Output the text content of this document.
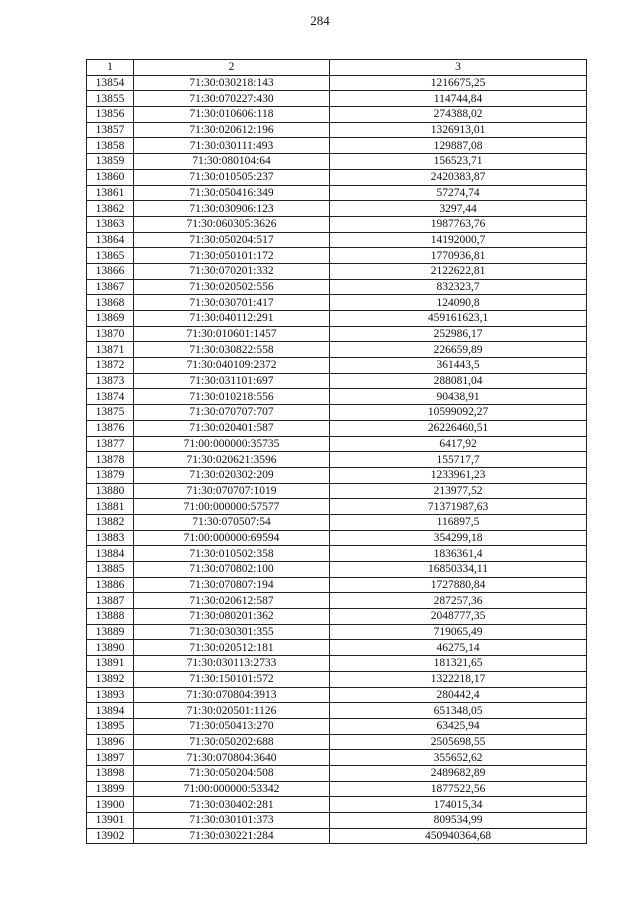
284
1	2	3
13854	71:30:030218:143	1216675,25
13855	71:30:070227:430	114744,84
13856	71:30:010606:118	274388,02
13857	71:30:020612:196	1326913,01
13858	71:30:030111:493	129887,08
13859	71:30:080104:64	156523,71
13860	71:30:010505:237	2420383,87
13861	71:30:050416:349	57274,74
13862	71:30:030906:123	3297,44
13863	71:30:060305:3626	1987763,76
13864	71:30:050204:517	14192000,7
13865	71:30:050101:172	1770936,81
13866	71:30:070201:332	2122622,81
13867	71:30:020502:556	832323,7
13868	71:30:030701:417	124090,8
13869	71:30:040112:291	459161623,1
13870	71:30:010601:1457	252986,17
13871	71:30:030822:558	226659,89
13872	71:30:040109:2372	361443,5
13873	71:30:031101:697	288081,04
13874	71:30:010218:556	90438,91
13875	71:30:070707:707	10599092,27
13876	71:30:020401:587	26226460,51
13877	71:00:000000:35735	6417,92
13878	71:30:020621:3596	155717,7
13879	71:30:020302:209	1233961,23
13880	71:30:070707:1019	213977,52
13881	71:00:000000:57577	71371987,63
13882	71:30:070507:54	116897,5
13883	71:00:000000:69594	354299,18
13884	71:30:010502:358	1836361,4
13885	71:30:070802:100	16850334,11
13886	71:30:070807:194	1727880,84
13887	71:30:020612:587	287257,36
13888	71:30:080201:362	2048777,35
13889	71:30:030301:355	719065,49
13890	71:30:020512:181	46275,14
13891	71:30:030113:2733	181321,65
13892	71:30:150101:572	1322218,17
13893	71:30:070804:3913	280442,4
13894	71:30:020501:1126	651348,05
13895	71:30:050413:270	63425,94
13896	71:30:050202:688	2505698,55
13897	71:30:070804:3640	355652,62
13898	71:30:050204:508	2489682,89
13899	71:00:000000:53342	1877522,56
13900	71:30:030402:281	174015,34
13901	71:30:030101:373	809534,99
13902	71:30:030221:284	450940364,68
